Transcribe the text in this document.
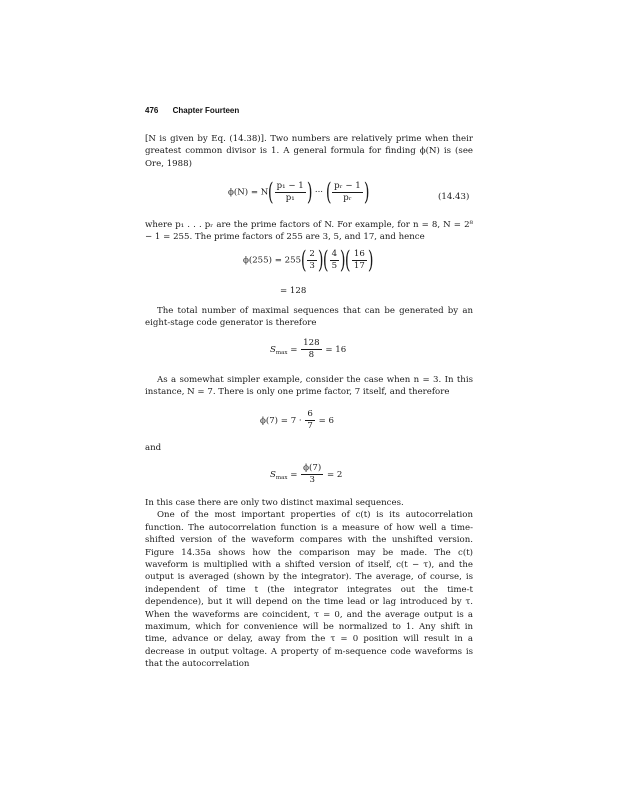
476 Chapter Fourteen

[N is given by Eq. (14.38)]. Two numbers are relatively prime when their greatest common divisor is 1. A general formula for finding ϕ(N) is (see Ore, 1988)

$\phi(N) = N( \frac{\text{p₁ − 1}}{\text{p₁}}$ ) ··· ( $\frac{\text{pᵣ − 1}}{\text{pᵣ}}$ )	(14.43)

where p₁ . . . pᵣ are the prime factors of N. For example, for n = 8, N = 2⁸ − 1 = 255. The prime factors of 255 are 3, 5, and 17, and hence

$\phi(255) = 255( \frac{2}{3}$ )( $\frac{4}{5}$ )( $\frac{16}{17}$ )
= 128

The total number of maximal sequences that can be generated by an eight-stage code generator is therefore

$S_{max} = \frac{128}{8} = 16$

As a somewhat simpler example, consider the case when n = 3. In this instance, N = 7. There is only one prime factor, 7 itself, and therefore

$\phi(7) = 7 \cdot \frac{6}{7} = 6$

and

$S_{max} = \frac{\phi(7)}{3} = 2$

In this case there are only two distinct maximal sequences.

One of the most important properties of c(t) is its autocorrelation function. The autocorrelation function is a measure of how well a time-shifted version of the waveform compares with the unshifted version. Figure 14.35a shows how the comparison may be made. The c(t) waveform is multiplied with a shifted version of itself, c(t − τ), and the output is averaged (shown by the integrator). The average, of course, is independent of time t (the integrator integrates out the time-t dependence), but it will depend on the time lead or lag introduced by τ. When the waveforms are coincident, τ = 0, and the average output is a maximum, which for convenience will be normalized to 1. Any shift in time, advance or delay, away from the τ = 0 position will result in a decrease in output voltage. A property of m-sequence code waveforms is that the autocorrelation
